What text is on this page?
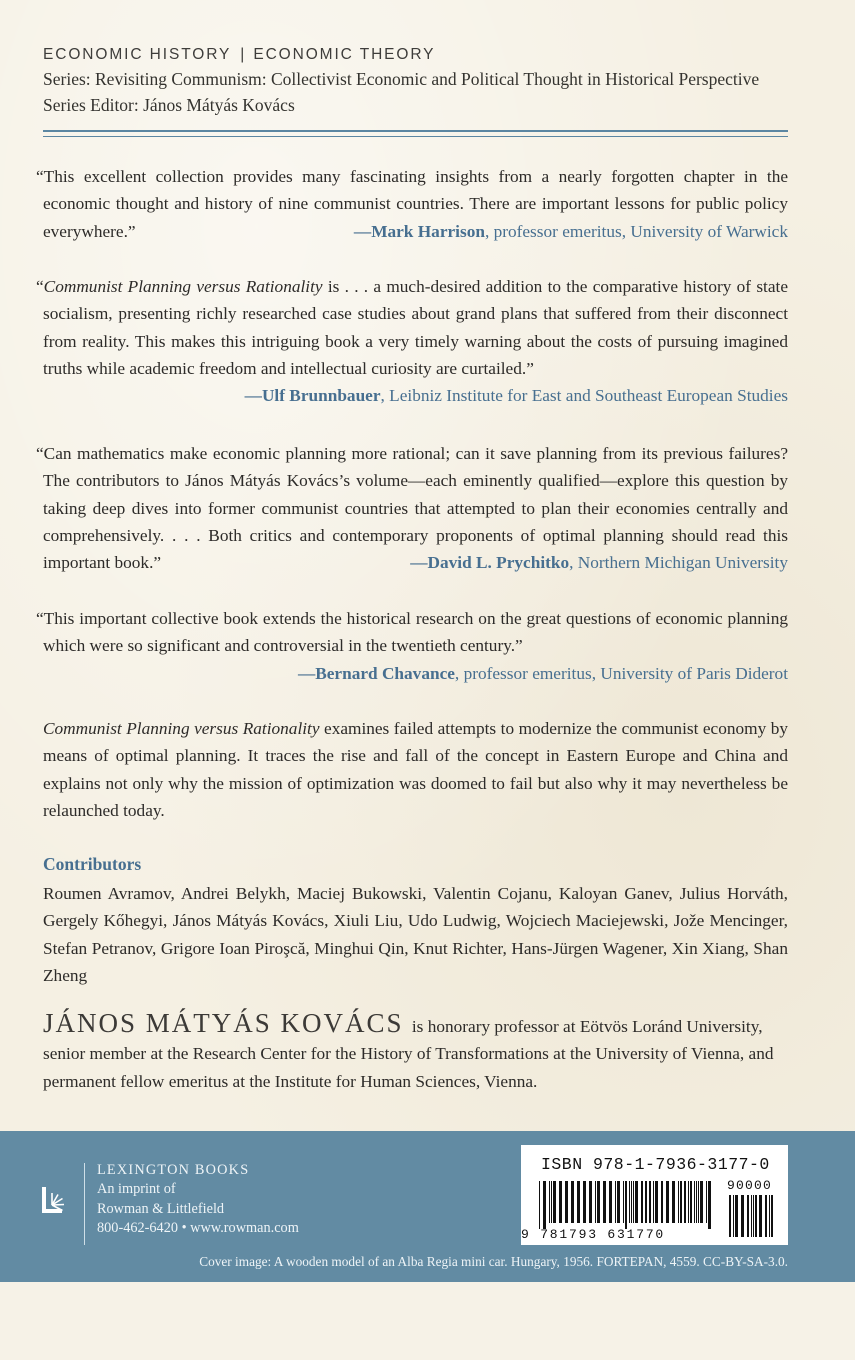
ECONOMIC HISTORY | ECONOMIC THEORY
Series: Revisiting Communism: Collectivist Economic and Political Thought in Historical Perspective
Series Editor: János Mátyás Kovács

“This excellent collection provides many fascinating insights from a nearly forgotten chapter in the economic thought and history of nine communist countries. There are important lessons for public policy everywhere.”	—Mark Harrison, professor emeritus, University of Warwick

“Communist Planning versus Rationality is . . . a much-desired addition to the comparative history of state socialism, presenting richly researched case studies about grand plans that suffered from their disconnect from reality. This makes this intriguing book a very timely warning about the costs of pursuing imagined truths while academic freedom and intellectual curiosity are curtailed.”

—Ulf Brunnbauer, Leibniz Institute for East and Southeast European Studies

“Can mathematics make economic planning more rational; can it save planning from its previous failures? The contributors to János Mátyás Kovács’s volume—each eminently qualified—explore this question by taking deep dives into former communist countries that attempted to plan their economies centrally and comprehensively. . . . Both critics and contemporary proponents of optimal planning should read this important book.”	—David L. Prychitko, Northern Michigan University

“This important collective book extends the historical research on the great questions of economic planning which were so significant and controversial in the twentieth century.”

—Bernard Chavance, professor emeritus, University of Paris Diderot

Communist Planning versus Rationality examines failed attempts to modernize the communist economy by means of optimal planning. It traces the rise and fall of the concept in Eastern Europe and China and explains not only why the mission of optimization was doomed to fail but also why it may nevertheless be relaunched today.

Contributors
Roumen Avramov, Andrei Belykh, Maciej Bukowski, Valentin Cojanu, Kaloyan Ganev, Julius Horváth, Gergely Kőhegyi, János Mátyás Kovács, Xiuli Liu, Udo Ludwig, Wojciech Maciejewski, Jože Mencinger, Stefan Petranov, Grigore Ioan Piroşcă, Minghui Qin, Knut Richter, Hans-Jürgen Wagener, Xin Xiang, Shan Zheng
JÁNOS MÁTYÁS KOVÁCS is honorary professor at Eötvös Loránd University, senior member at the Research Center for the History of Transformations at the University of Vienna, and permanent fellow emeritus at the Institute for Human Sciences, Vienna.
LEXINGTON BOOKS
An imprint of
Rowman & Littlefield
800-462-6420 • www.rowman.com
ISBN 978-1-7936-3177-0
9 781793 631770
90000
Cover image: A wooden model of an Alba Regia mini car. Hungary, 1956. FORTEPAN, 4559. CC-BY-SA-3.0.
